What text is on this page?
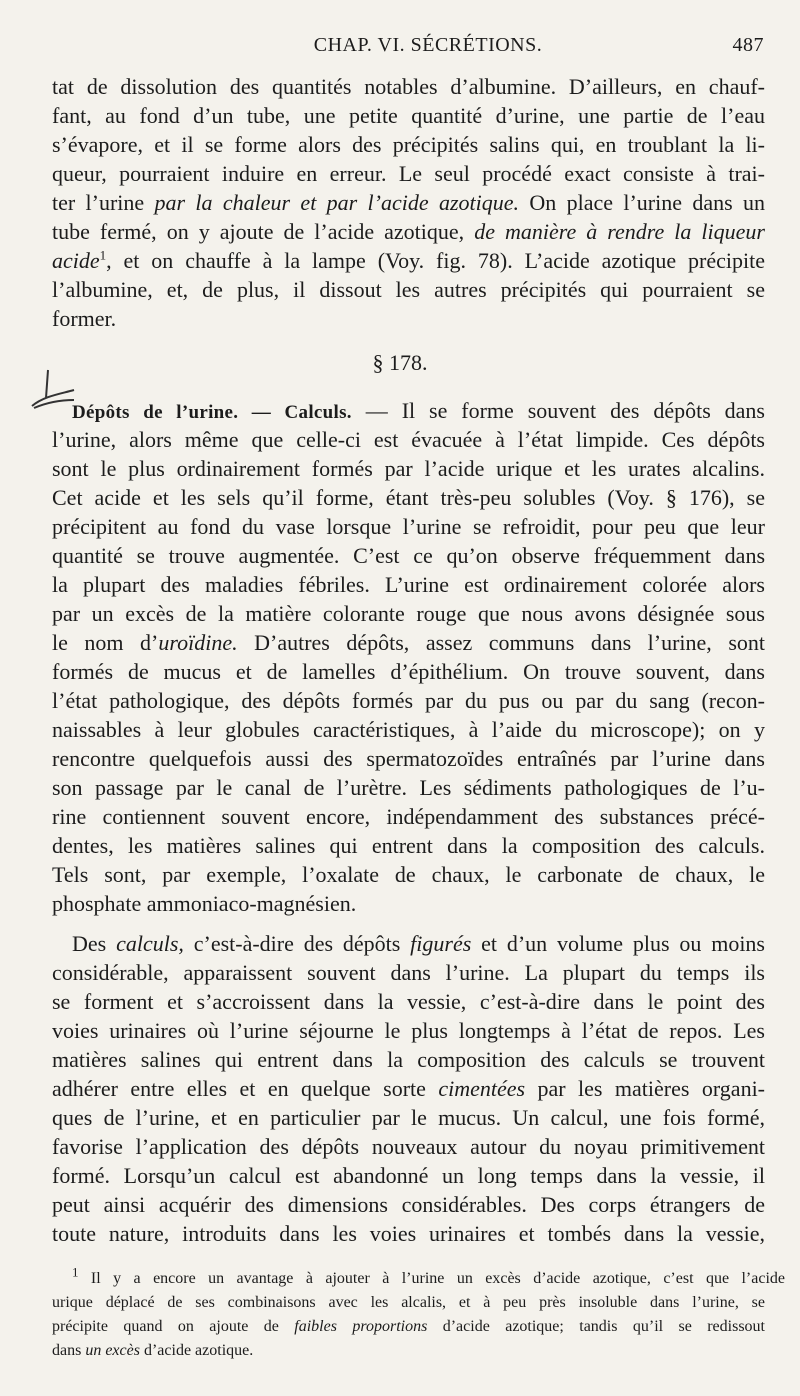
CHAP. VI. SÉCRÉTIONS.	487
tat de dissolution des quantités notables d’albumine. D’ailleurs, en chauf-
fant, au fond d’un tube, une petite quantité d’urine, une partie de l’eau
s’évapore, et il se forme alors des précipités salins qui, en troublant la li-
queur, pourraient induire en erreur. Le seul procédé exact consiste à trai-
ter l’urine par la chaleur et par l’acide azotique. On place l’urine dans un
tube fermé, on y ajoute de l’acide azotique, de manière à rendre la liqueur
acide$^1$, et on chauffe à la lampe (Voy. fig. 78). L’acide azotique précipite
l’albumine, et, de plus, il dissout les autres précipités qui pourraient se
former.
§ 178.
Dépôts de l’urine. — Calculs. — Il se forme souvent des dépôts dans
l’urine, alors même que celle-ci est évacuée à l’état limpide. Ces dépôts
sont le plus ordinairement formés par l’acide urique et les urates alcalins.
Cet acide et les sels qu’il forme, étant très-peu solubles (Voy. § 176), se
précipitent au fond du vase lorsque l’urine se refroidit, pour peu que leur
quantité se trouve augmentée. C’est ce qu’on observe fréquemment dans
la plupart des maladies fébriles. L’urine est ordinairement colorée alors
par un excès de la matière colorante rouge que nous avons désignée sous
le nom d’uroïdine. D’autres dépôts, assez communs dans l’urine, sont
formés de mucus et de lamelles d’épithélium. On trouve souvent, dans
l’état pathologique, des dépôts formés par du pus ou par du sang (recon-
naissables à leur globules caractéristiques, à l’aide du microscope); on y
rencontre quelquefois aussi des spermatozoïdes entraînés par l’urine dans
son passage par le canal de l’urètre. Les sédiments pathologiques de l’u-
rine contiennent souvent encore, indépendamment des substances précé-
dentes, les matières salines qui entrent dans la composition des calculs.
Tels sont, par exemple, l’oxalate de chaux, le carbonate de chaux, le
phosphate ammoniaco-magnésien.
Des calculs, c’est-à-dire des dépôts figurés et d’un volume plus ou moins
considérable, apparaissent souvent dans l’urine. La plupart du temps ils
se forment et s’accroissent dans la vessie, c’est-à-dire dans le point des
voies urinaires où l’urine séjourne le plus longtemps à l’état de repos. Les
matières salines qui entrent dans la composition des calculs se trouvent
adhérer entre elles et en quelque sorte cimentées par les matières organi-
ques de l’urine, et en particulier par le mucus. Un calcul, une fois formé,
favorise l’application des dépôts nouveaux autour du noyau primitivement
formé. Lorsqu’un calcul est abandonné un long temps dans la vessie, il
peut ainsi acquérir des dimensions considérables. Des corps étrangers de
toute nature, introduits dans les voies urinaires et tombés dans la vessie,
$^1$ Il y a encore un avantage à ajouter à l’urine un excès d’acide azotique, c’est que l’acide
urique déplacé de ses combinaisons avec les alcalis, et à peu près insoluble dans l’urine, se
précipite quand on ajoute de faibles proportions d’acide azotique; tandis qu’il se redissout
dans un excès d’acide azotique.
